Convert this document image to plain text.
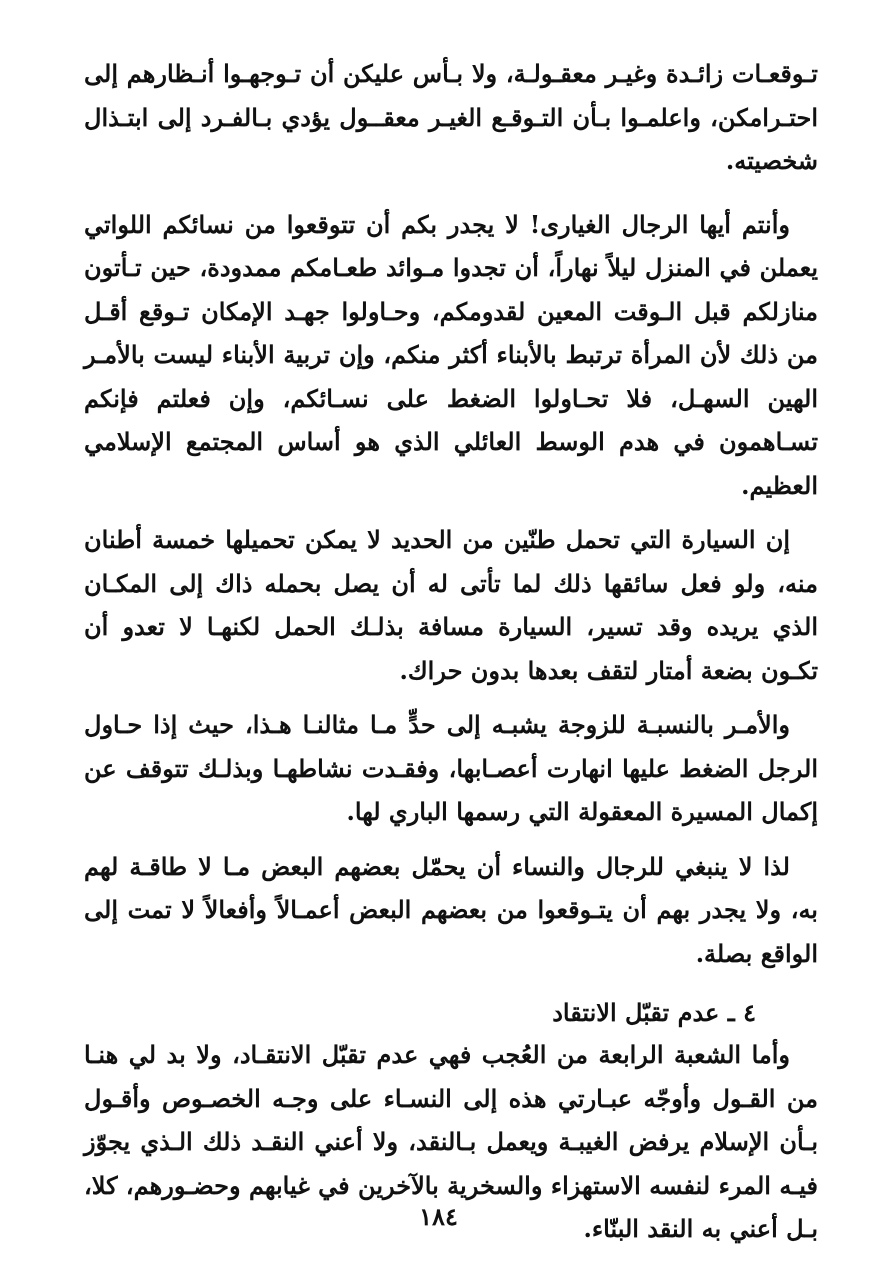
تـوقعـات زائـدة وغيـر معقـولـة، ولا بـأس عليكن أن تـوجهـوا أنـظارهم إلى احتـرامكن، واعلمـوا بـأن التـوقـع الغيـر معقــول يؤدي بـالفـرد إلى ابتـذال شخصيته.

وأنتم أيها الرجال الغيارى! لا يجدر بكم أن تتوقعوا من نسائكم اللواتي يعملن في المنزل ليلاً نهاراً، أن تجدوا مـوائد طعـامكم ممدودة، حين تـأتون منازلكم قبل الـوقت المعين لقدومكم، وحـاولوا جهـد الإمكان تـوقع أقـل من ذلك لأن المرأة ترتبط بالأبناء أكثر منكم، وإن تربية الأبناء ليست بالأمـر الهين السهـل، فلا تحـاولوا الضغط على نسـائكم، وإن فعلتم فإنكم تسـاهمون في هدم الوسط العائلي الذي هو أساس المجتمع الإسلامي العظيم.

إن السيارة التي تحمل طنّين من الحديد لا يمكن تحميلها خمسة أطنان منه، ولو فعل سائقها ذلك لما تأتى له أن يصل بحمله ذاك إلى المكـان الذي يريده وقد تسير، السيارة مسافة بذلـك الحمل لكنهـا لا تعدو أن تكـون بضعة أمتار لتقف بعدها بدون حراك.

والأمـر بالنسبـة للزوجة يشبـه إلى حدٍّ مـا مثالنـا هـذا، حيث إذا حـاول الرجل الضغط عليها انهارت أعصـابها، وفقـدت نشاطهـا وبذلـك تتوقف عن إكمال المسيرة المعقولة التي رسمها الباري لها.

لذا لا ينبغي للرجال والنساء أن يحمّل بعضهم البعض مـا لا طاقـة لهم به، ولا يجدر بهم أن يتـوقعوا من بعضهم البعض أعمـالاً وأفعالاً لا تمت إلى الواقع بصلة.

٤ ـ عدم تقبّل الانتقاد

وأما الشعبة الرابعة من العُجب فهي عدم تقبّل الانتقـاد، ولا بد لي هنـا من القـول وأوجّه عبـارتي هذه إلى النسـاء على وجـه الخصـوص وأقـول بـأن الإسلام يرفض الغيبـة ويعمل بـالنقد، ولا أعني النقـد ذلك الـذي يجوّز فيـه المرء لنفسه الاستهزاء والسخرية بالآخرين في غيابهم وحضـورهم، كلا، بـل أعني به النقد البنّاء.

١٨٤
